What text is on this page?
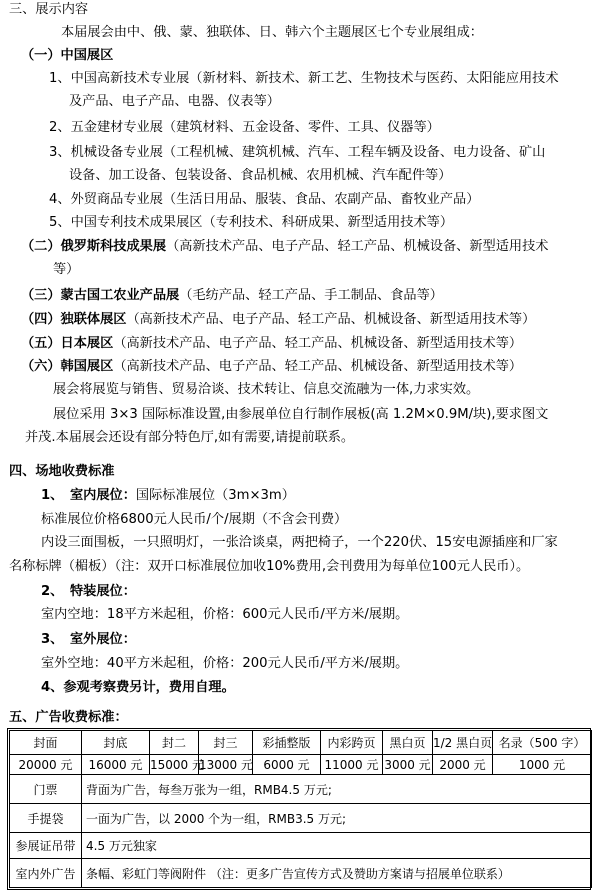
三、展示内容
本届展会由中、俄、蒙、独联体、日、韩六个主题展区七个专业展组成：
（一）中国展区
1、中国高新技术专业展（新材料、新技术、新工艺、生物技术与医药、太阳能应用技术
及产品、电子产品、电器、仪表等）
2、五金建材专业展（建筑材料、五金设备、零件、工具、仪器等）
3、机械设备专业展（工程机械、建筑机械、汽车、工程车辆及设备、电力设备、矿山
设备、加工设备、包装设备、食品机械、农用机械、汽车配件等）
4、外贸商品专业展（生活日用品、服装、食品、农副产品、畜牧业产品）
5、中国专利技术成果展区（专利技术、科研成果、新型适用技术等）
（二）俄罗斯科技成果展（高新技术产品、电子产品、轻工产品、机械设备、新型适用技术
等）
（三）蒙古国工农业产品展（毛纺产品、轻工产品、手工制品、食品等）
（四）独联体展区（高新技术产品、电子产品、轻工产品、机械设备、新型适用技术等）
（五）日本展区（高新技术产品、电子产品、轻工产品、机械设备、新型适用技术等）
（六）韩国展区（高新技术产品、电子产品、轻工产品、机械设备、新型适用技术等）
展会将展览与销售、贸易洽谈、技术转让、信息交流融为一体,力求实效。
展位采用 3×3 国际标准设置,由参展单位自行制作展板(高 1.2M×0.9M/块),要求图文
并茂.本届展会还设有部分特色厅,如有需要,请提前联系。
四、场地收费标准
1、　室内展位：国际标准展位（3m×3m）
标准展位价格6800元人民币/个/展期（不含会刊费）
内设三面围板，一只照明灯，一张洽谈桌，两把椅子，一个220伏、15安电源插座和厂家
名称标牌（楣板）（注：双开口标准展位加收10%费用,会刊费用为每单位100元人民币）。
2、　特装展位：
室内空地：18平方米起租，价格：600元人民币/平方米/展期。
3、　室外展位：
室外空地：40平方米起租，价格：200元人民币/平方米/展期。
4、参观考察费另计，费用自理。
五、广告收费标准：
封面	封底	封二	封三	彩插整版	内彩跨页	黑白页	1/2 黑白页	名录（500 字）
20000 元	16000 元	15000 元	13000 元	6000 元	11000 元	3000 元	2000 元	1000 元
门票	背面为广告，每叁万张为一组，RMB4.5 万元;							
手提袋	一面为广告，以 2000 个为一组，RMB3.5 万元;							
参展证吊带	4.5 万元独家							
室内外广告	条幅、彩虹门等阀附件 （注：更多广告宣传方式及赞助方案请与招展单位联系）							
